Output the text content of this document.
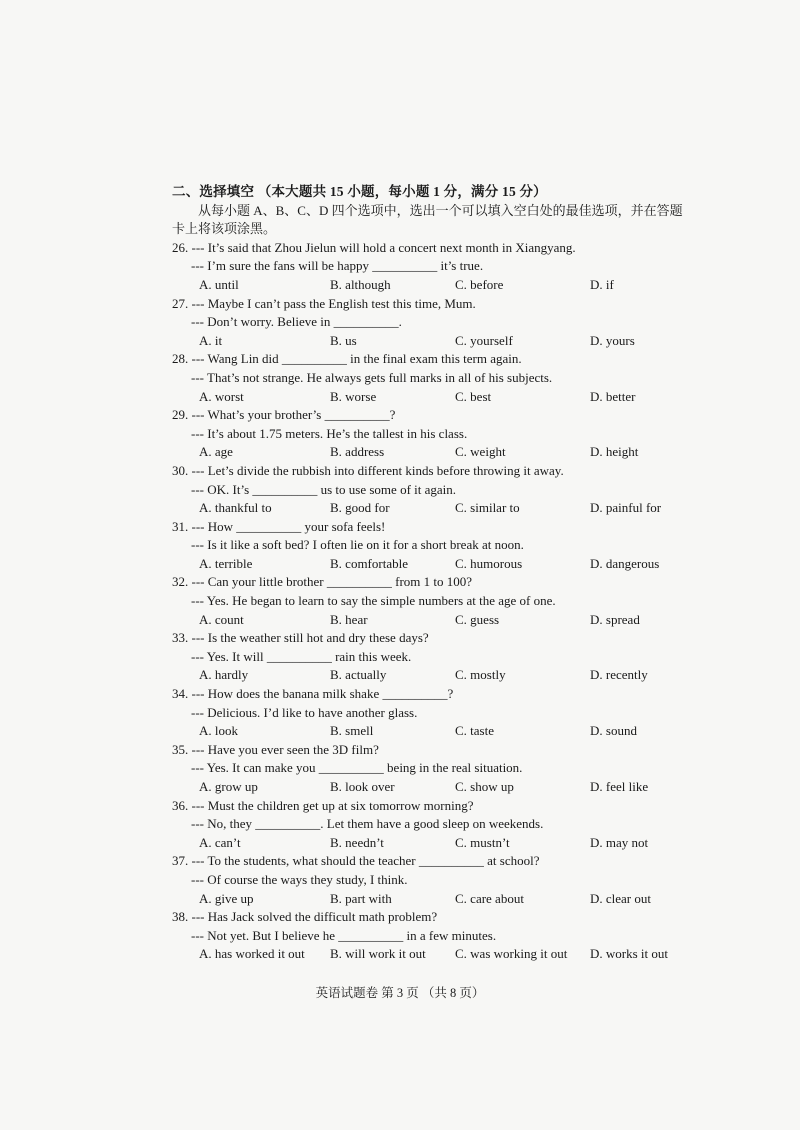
二、选择填空 （本大题共 15 小题，每小题 1 分，满分 15 分）
从每小题 A、B、C、D 四个选项中，选出一个可以填入空白处的最佳选项，并在答题
卡上将该项涂黑。
26. --- It’s said that Zhou Jielun will hold a concert next month in Xiangyang.
--- I’m sure the fans will be happy __________ it’s true.
A. until	B. although	C. before	D. if
27. --- Maybe I can’t pass the English test this time, Mum.
--- Don’t worry. Believe in __________.
A. it	B. us	C. yourself	D. yours
28. --- Wang Lin did __________ in the final exam this term again.
--- That’s not strange. He always gets full marks in all of his subjects.
A. worst	B. worse	C. best	D. better
29. --- What’s your brother’s __________?
--- It’s about 1.75 meters. He’s the tallest in his class.
A. age	B. address	C. weight	D. height
30. --- Let’s divide the rubbish into different kinds before throwing it away.
--- OK. It’s __________ us to use some of it again.
A. thankful to	B. good for	C. similar to	D. painful for
31. --- How __________ your sofa feels!
--- Is it like a soft bed? I often lie on it for a short break at noon.
A. terrible	B. comfortable	C. humorous	D. dangerous
32. --- Can your little brother __________ from 1 to 100?
--- Yes. He began to learn to say the simple numbers at the age of one.
A. count	B. hear	C. guess	D. spread
33. --- Is the weather still hot and dry these days?
--- Yes. It will __________ rain this week.
A. hardly	B. actually	C. mostly	D. recently
34. --- How does the banana milk shake __________?
--- Delicious. I’d like to have another glass.
A. look	B. smell	C. taste	D. sound
35. --- Have you ever seen the 3D film?
--- Yes. It can make you __________ being in the real situation.
A. grow up	B. look over	C. show up	D. feel like
36. --- Must the children get up at six tomorrow morning?
--- No, they __________. Let them have a good sleep on weekends.
A. can’t	B. needn’t	C. mustn’t	D. may not
37. --- To the students, what should the teacher __________ at school?
--- Of course the ways they study, I think.
A. give up	B. part with	C. care about	D. clear out
38. --- Has Jack solved the difficult math problem?
--- Not yet. But I believe he __________ in a few minutes.
A. has worked it out	B. will work it out	C. was working it out	D. works it out
英语试题卷 第 3 页 （共 8 页）
